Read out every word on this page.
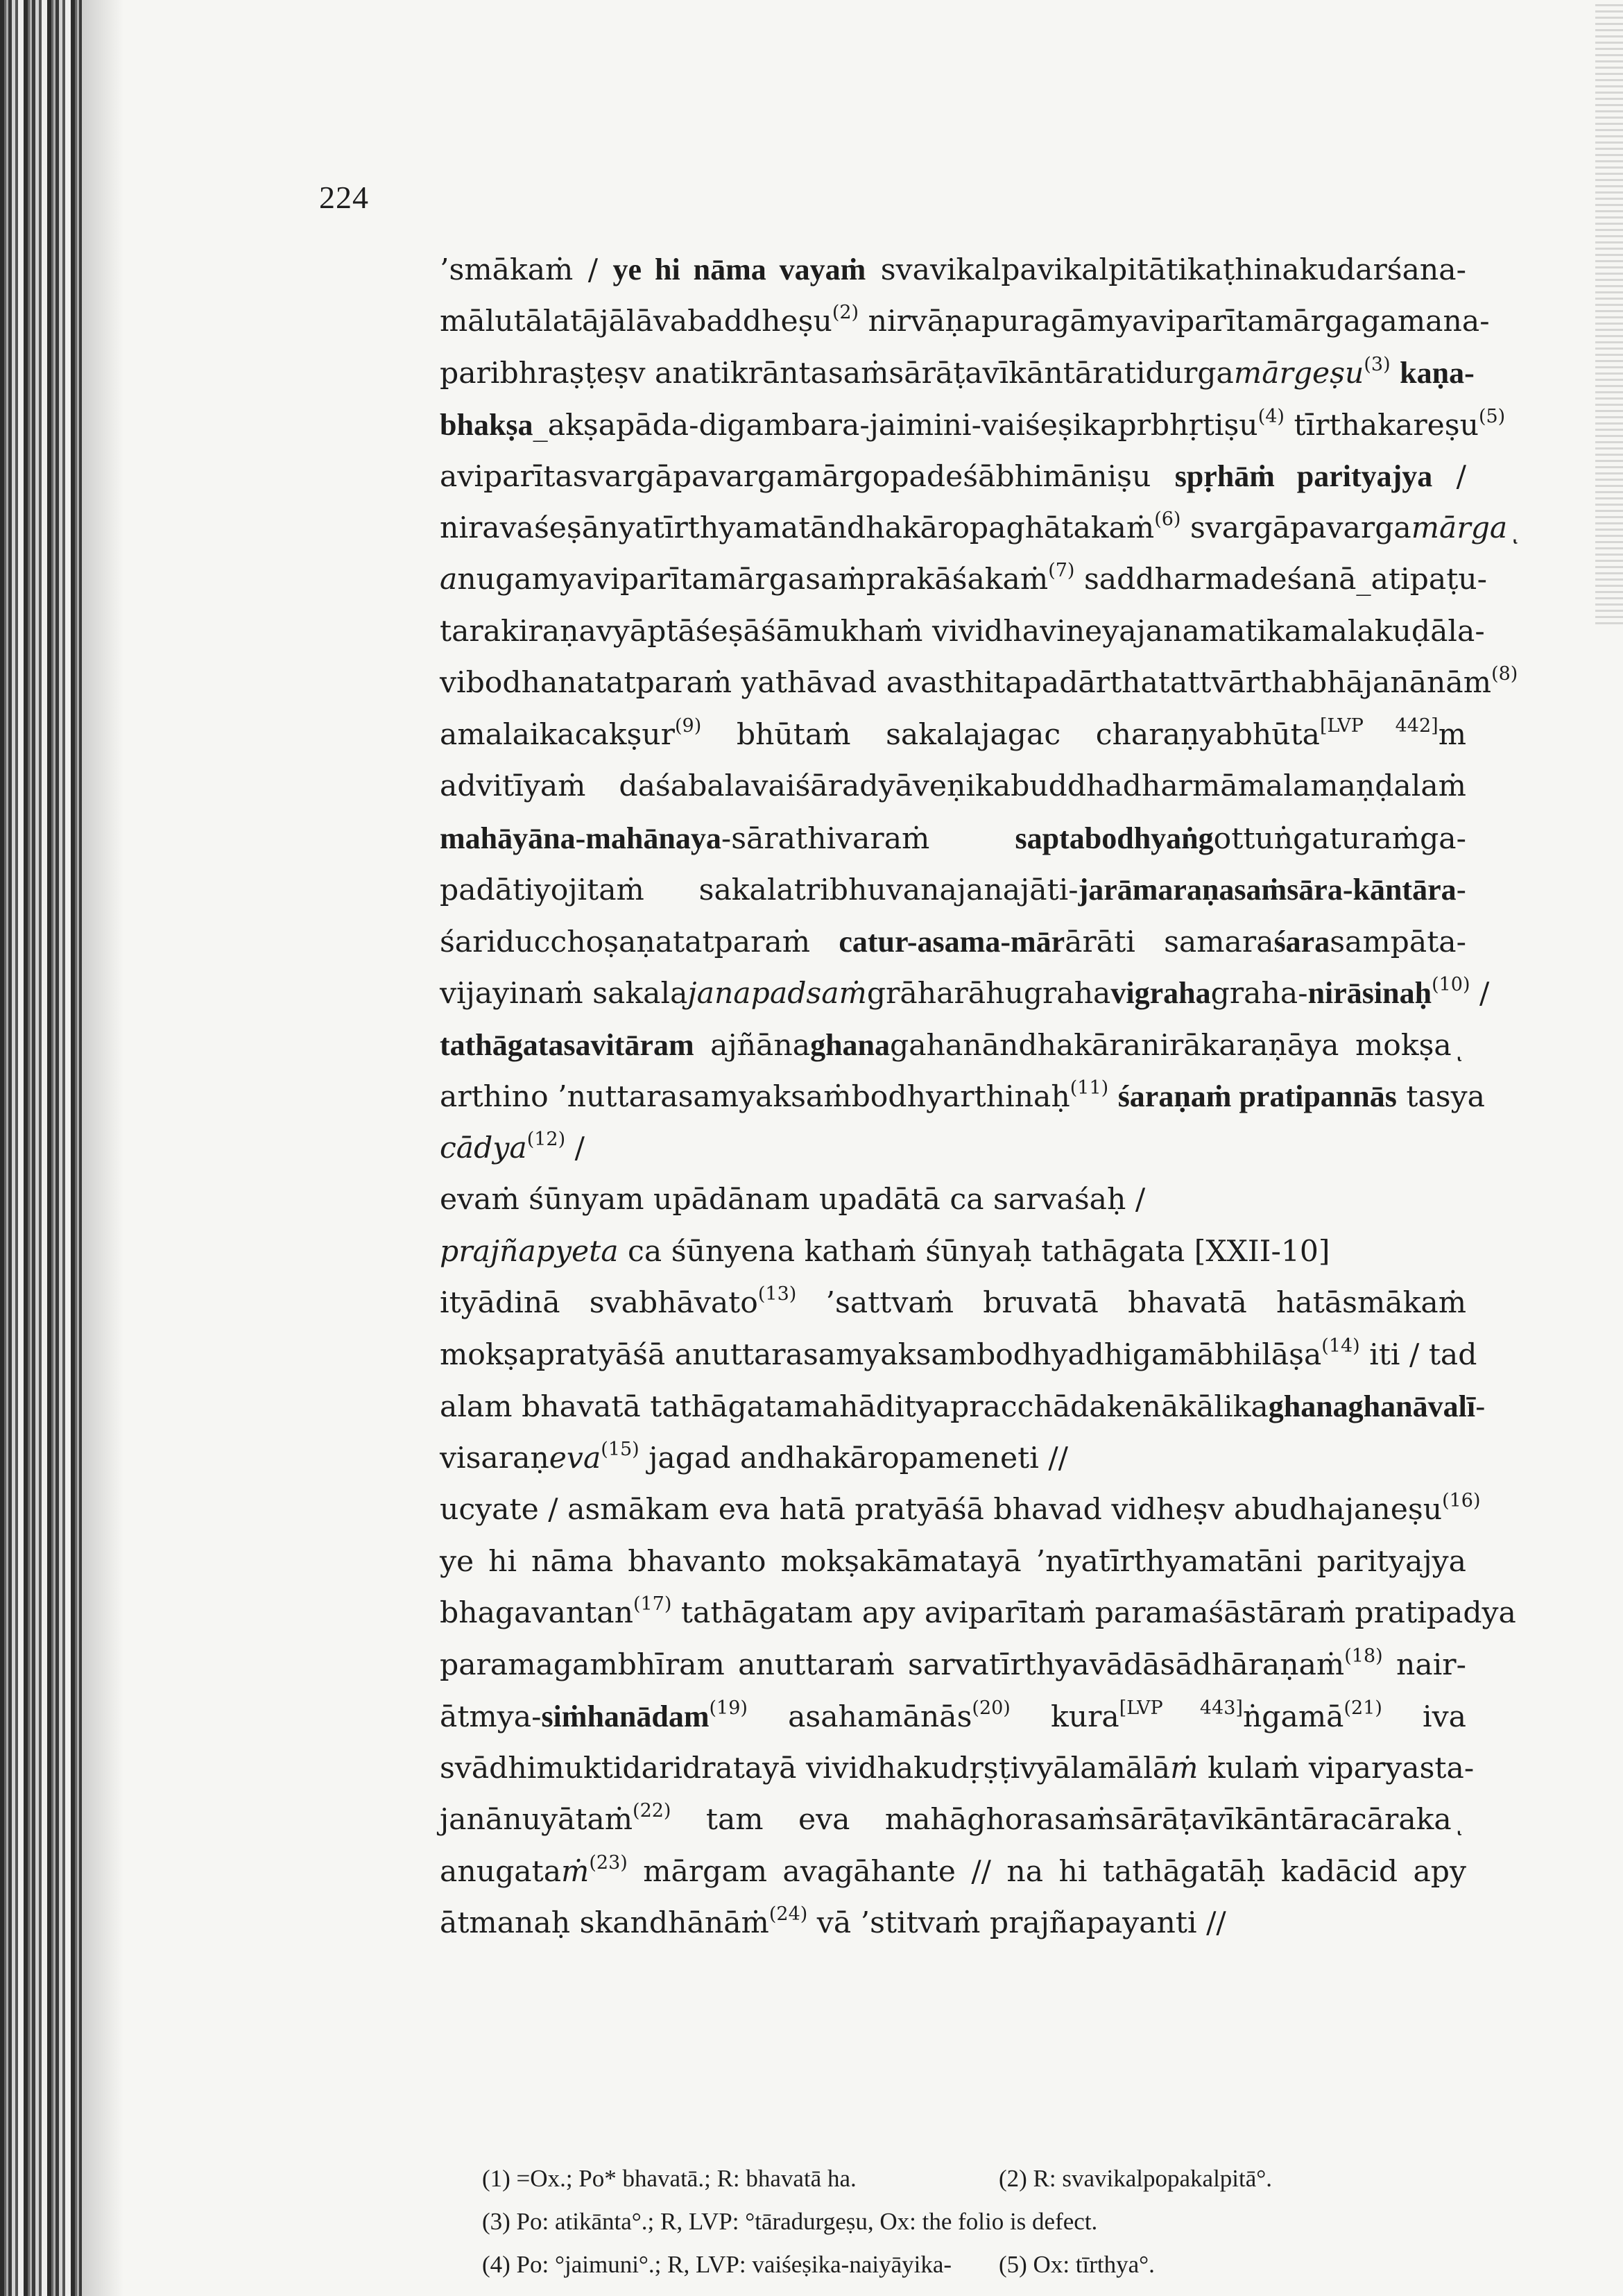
224
’smākaṁ / ye hi nāma vayaṁ svavikalpavikalpitātikaṭhinakudarśana-
mālutālatājālāvabaddheṣu$^{(2)}$ nirvāṇapuragāmyaviparītamārgagamana-
paribhraṣṭeṣv anatikrāntasaṁsārāṭavīkāntāratidurgamārgeṣu$^{(3)}$ kaṇa-
bhakṣa_akṣapāda-digambara-jaimini-vaiśeṣikaprbhṛtiṣu$^{(4)}$ tīrthakareṣu$^{(5)}$
aviparītasvargāpavargamārgopadeśābhimāniṣu spṛhāṁ parityajya /
niravaśeṣānyatīrthyamatāndhakāropaghātakaṁ$^{(6)}$ svargāpavargamārgaͺ
anugamyaviparītamārgasaṁprakāśakaṁ$^{(7)}$ saddharmadeśanā_atipaṭu-
tarakiraṇavyāptāśeṣāśāmukhaṁ vividhavineyajanamatikamalakuḍāla-
vibodhanatatparaṁ yathāvad avasthitapadārthatattvārthabhājanānām$^{(8)}$
amalaikacakṣur$^{(9)}$ bhūtaṁ sakalajagac charaṇyabhūta[LVP 442]m
advitīyaṁ daśabalavaiśāradyāveṇikabuddhadharmāmalamaṇḍalaṁ
mahāyāna-mahānaya-sārathivaraṁ saptabodhyaṅgottuṅgaturaṁga-
padātiyojitaṁ sakalatribhuvanajanajāti-jarāmaraṇasaṁsāra-kāntāra-
śariducchoṣaṇatatparaṁ catur-asama-mārārāti samaraśarasampāta-
vijayinaṁ sakalajanapadsaṁgrāharāhugrahavigrahagraha-nirāsinaḥ$^{(10)}$ /
tathāgatasavitāram ajñānaghanagahanāndhakāranirākaraṇāya mokṣaͺ
arthino ’nuttarasamyaksaṁbodhyarthinaḥ$^{(11)}$ śaraṇaṁ pratipannās tasya
cādya$^{(12)}$ /
evaṁ śūnyam upādānam upadātā ca sarvaśaḥ /
prajñapyeta ca śūnyena kathaṁ śūnyaḥ tathāgata [XXII-10]
ityādinā svabhāvato$^{(13)}$ ’sattvaṁ bruvatā bhavatā hatāsmākaṁ
mokṣapratyāśā anuttarasamyaksambodhyadhigamābhilāṣa$^{(14)}$ iti / tad
alam bhavatā tathāgatamahādityapracchādakenākālikaghanaghanāvalī-
visaraṇeva$^{(15)}$ jagad andhakāropameneti //
ucyate / asmākam eva hatā pratyāśā bhavad vidheṣv abudhajaneṣu$^{(16)}$
ye hi nāma bhavanto mokṣakāmatayā ’nyatīrthyamatāni parityajya
bhagavantan$^{(17)}$ tathāgatam apy aviparītaṁ paramaśāstāraṁ pratipadya
paramagambhīram anuttaraṁ sarvatīrthyavādāsādhāraṇaṁ$^{(18)}$ nair-
ātmya-siṁhanādam$^{(19)}$ asahamānās$^{(20)}$ kura[LVP 443]ṅgamā$^{(21)}$ iva
svādhimuktidaridratayā vividhakudṛṣṭivyālamālāṁ kulaṁ viparyasta-
janānuyātaṁ$^{(22)}$ tam eva mahāghorasaṁsārāṭavīkāntāracārakaͺ
anugataṁ$^{(23)}$ mārgam avagāhante // na hi tathāgatāḥ kadācid apy
ātmanaḥ skandhānāṁ$^{(24)}$ vā ’stitvaṁ prajñapayanti //
(1) =Ox.; Po* bhavatā.; R: bhavatā ha.	(2) R: svavikalpopakalpitā°.
(3) Po: atikānta°.; R, LVP: °tāradurgeṣu, Ox: the folio is defect.
(4) Po: °jaimuni°.; R, LVP: vaiśeṣika-naiyāyika-	(5) Ox: tīrthya°.
